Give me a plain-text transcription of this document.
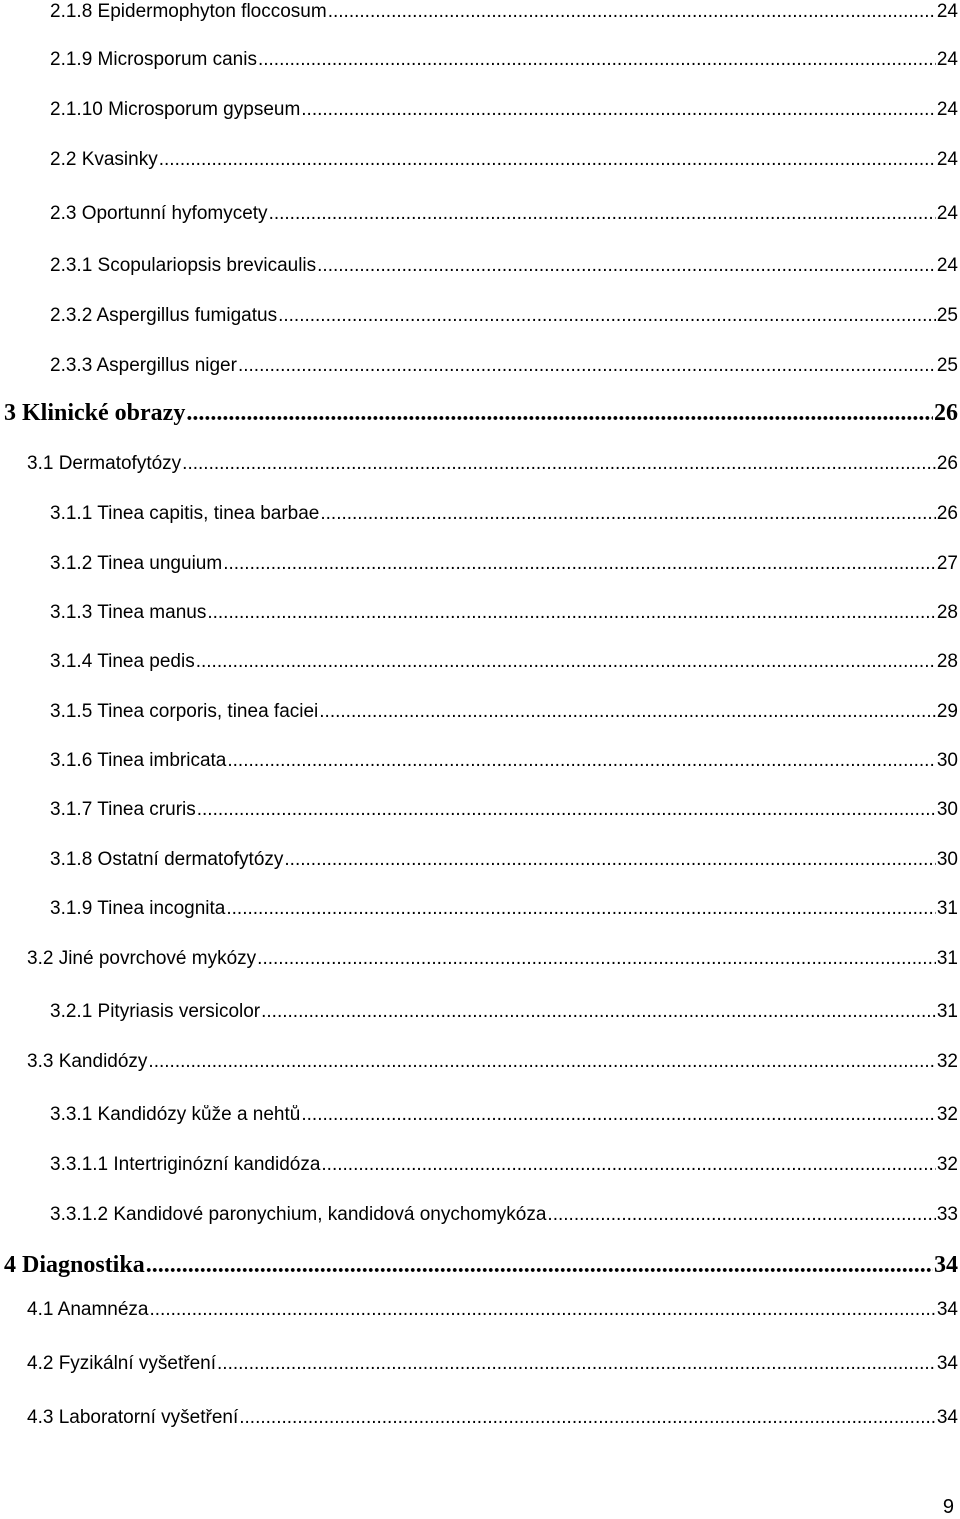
2.1.8 Epidermophyton floccosum .....	24
2.1.9 Microsporum canis .....	24
2.1.10 Microsporum gypseum .....	24
2.2 Kvasinky .....	24
2.3 Oportunní hyfomycety .....	24
2.3.1 Scopulariopsis brevicaulis .....	24
2.3.2 Aspergillus fumigatus .....	25
2.3.3 Aspergillus niger .....	25
3 Klinické obrazy .....	26
3.1 Dermatofytózy .....	26
3.1.1 Tinea capitis, tinea barbae .....	26
3.1.2 Tinea unguium .....	27
3.1.3 Tinea manus .....	28
3.1.4 Tinea pedis .....	28
3.1.5 Tinea corporis, tinea faciei .....	29
3.1.6 Tinea imbricata .....	30
3.1.7 Tinea cruris .....	30
3.1.8 Ostatní dermatofytózy .....	30
3.1.9 Tinea incognita .....	31
3.2 Jiné povrchové mykózy .....	31
3.2.1 Pityriasis versicolor .....	31
3.3 Kandidózy .....	32
3.3.1 Kandidózy kůže a nehtů .....	32
3.3.1.1 Intertriginózní kandidóza .....	32
3.3.1.2 Kandidové paronychium, kandidová onychomykóza .....	33
4 Diagnostika .....	34
4.1 Anamnéza .....	34
4.2 Fyzikální vyšetření .....	34
4.3 Laboratorní vyšetření .....	34
9
